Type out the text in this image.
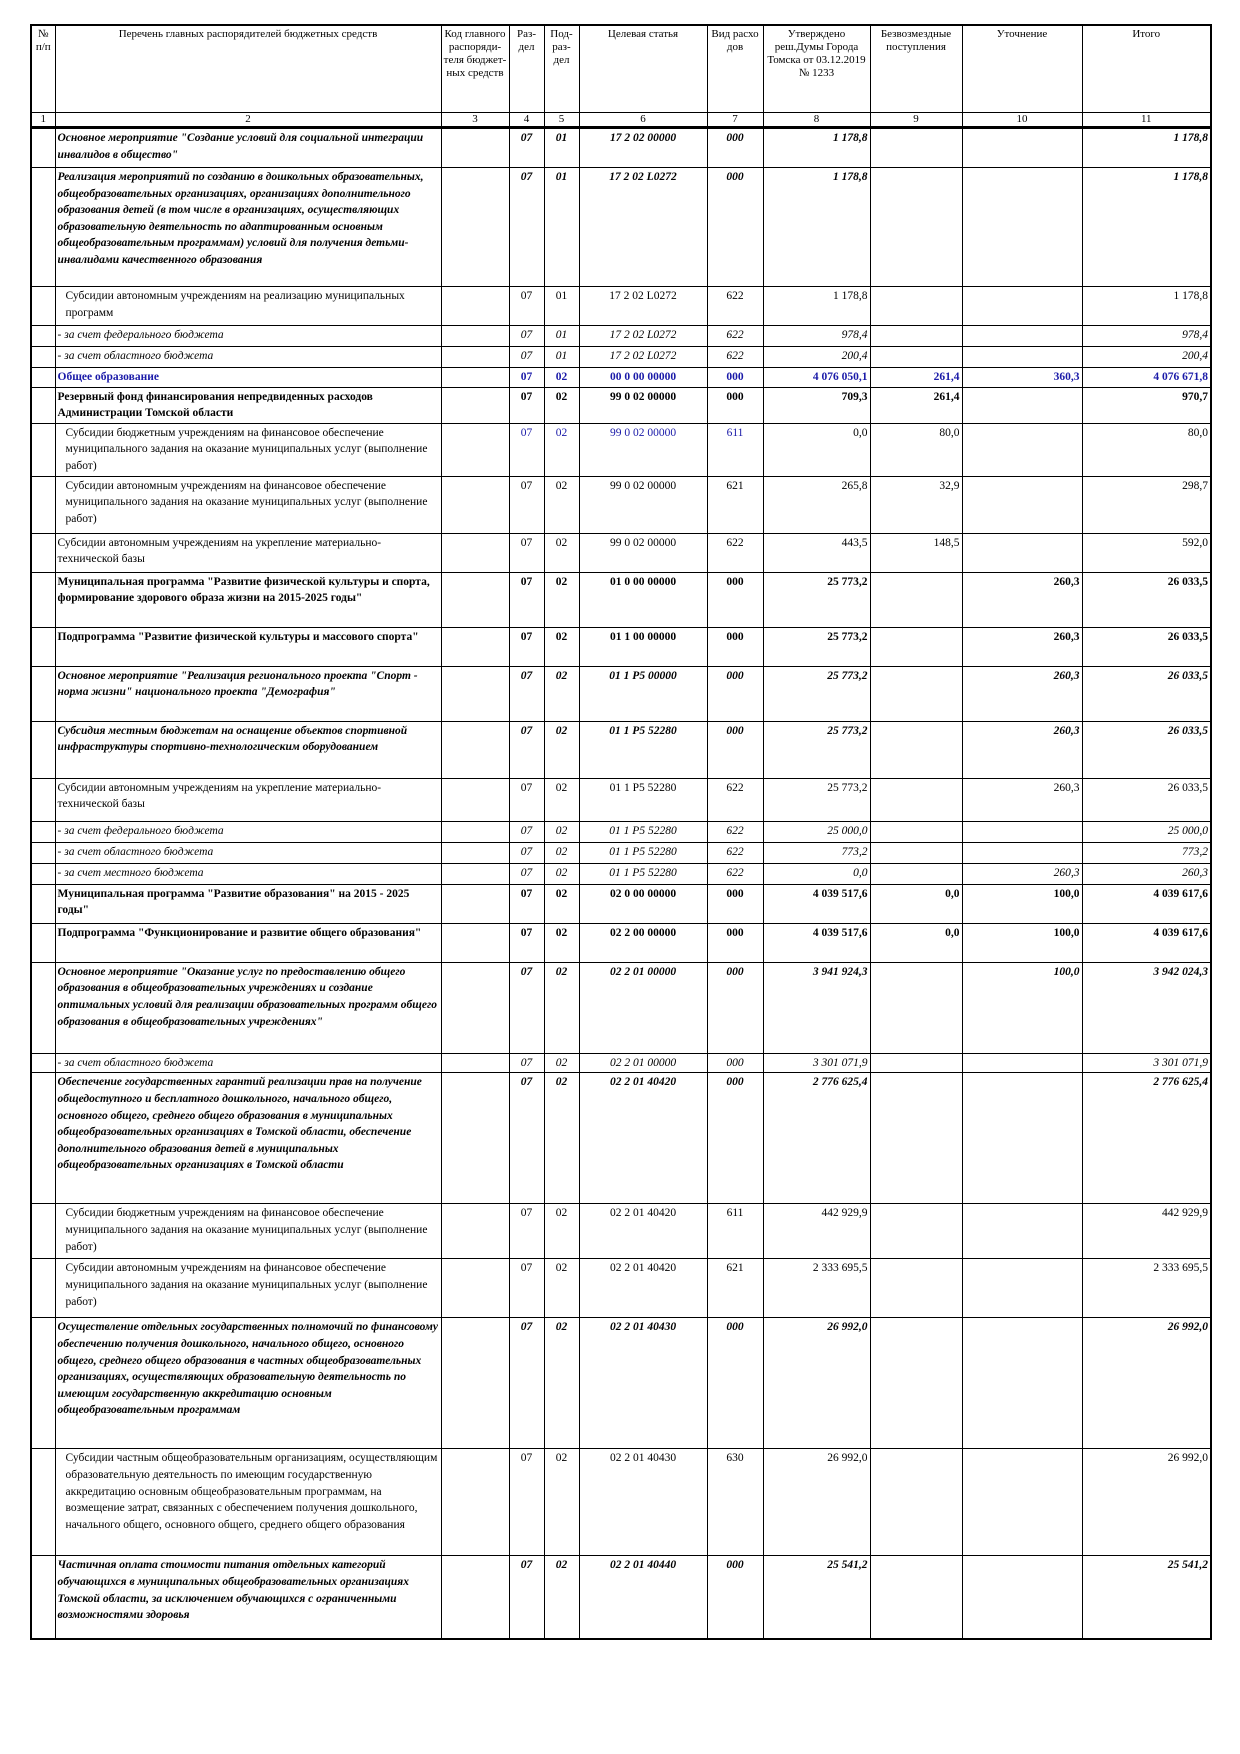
№ п/п	Перечень главных распорядителей бюджетных средств	Код главного распоряди- теля бюджет- ных средств	Раз- дел	Под- раз- дел	Целевая статья	Вид расхо дов	Утверждено реш.Думы Города Томска от 03.12.2019 № 1233	Безвозмездные поступления	Уточнение	Итого
1	2	3	4	5	6	7	8	9	10	11
	Основное мероприятие "Создание условий для социальной интеграции инвалидов в общество"		07	01	17 2 02 00000	000	1 178,8			1 178,8
	Реализация мероприятий по созданию в дошкольных образовательных, общеобразовательных организациях, организациях дополнительного образования детей (в том числе в организациях, осуществляющих образовательную деятельность по адаптированным основным общеобразовательным программам) условий для получения детьми-инвалидами качественного образования		07	01	17 2 02 L0272	000	1 178,8			1 178,8
	Субсидии автономным учреждениям на реализацию муниципальных программ		07	01	17 2 02 L0272	622	1 178,8			1 178,8
	- за счет федерального бюджета		07	01	17 2 02 L0272	622	978,4			978,4
	- за счет областного бюджета		07	01	17 2 02 L0272	622	200,4			200,4
	Общее образование		07	02	00 0 00 00000	000	4 076 050,1	261,4	360,3	4 076 671,8
	Резервный фонд финансирования непредвиденных расходов Администрации Томской области		07	02	99 0 02 00000	000	709,3	261,4		970,7
	Субсидии бюджетным учреждениям на финансовое обеспечение муниципального задания на оказание муниципальных услуг (выполнение работ)		07	02	99 0 02 00000	611	0,0	80,0		80,0
	Субсидии автономным учреждениям на финансовое обеспечение муниципального задания на оказание муниципальных услуг (выполнение работ)		07	02	99 0 02 00000	621	265,8	32,9		298,7
	Субсидии автономным учреждениям на укрепление материально-технической базы		07	02	99 0 02 00000	622	443,5	148,5		592,0
	Муниципальная программа "Развитие физической культуры и спорта, формирование здорового образа жизни на 2015-2025 годы"		07	02	01 0 00 00000	000	25 773,2		260,3	26 033,5
	Подпрограмма "Развитие физической культуры и массового спорта"		07	02	01 1 00 00000	000	25 773,2		260,3	26 033,5
	Основное мероприятие "Реализация регионального проекта "Спорт - норма жизни" национального проекта "Демография"		07	02	01 1 P5 00000	000	25 773,2		260,3	26 033,5
	Субсидия местным бюджетам на оснащение объектов спортивной инфраструктуры спортивно-технологическим оборудованием		07	02	01 1 P5 52280	000	25 773,2		260,3	26 033,5
	Субсидии автономным учреждениям на укрепление материально-технической базы		07	02	01 1 P5 52280	622	25 773,2		260,3	26 033,5
	- за счет федерального бюджета		07	02	01 1 P5 52280	622	25 000,0			25 000,0
	- за счет областного бюджета		07	02	01 1 P5 52280	622	773,2			773,2
	- за счет местного бюджета		07	02	01 1 P5 52280	622	0,0		260,3	260,3
	Муниципальная программа "Развитие образования" на 2015 - 2025 годы"		07	02	02 0 00 00000	000	4 039 517,6	0,0	100,0	4 039 617,6
	Подпрограмма "Функционирование и развитие общего образования"		07	02	02 2 00 00000	000	4 039 517,6	0,0	100,0	4 039 617,6
	Основное мероприятие "Оказание услуг по предоставлению общего образования в общеобразовательных учреждениях и создание оптимальных условий для реализации образовательных программ общего образования в общеобразовательных учреждениях"		07	02	02 2 01 00000	000	3 941 924,3		100,0	3 942 024,3
	- за счет областного бюджета		07	02	02 2 01 00000	000	3 301 071,9			3 301 071,9
	Обеспечение государственных гарантий реализации прав на получение общедоступного и бесплатного дошкольного, начального общего, основного общего, среднего общего образования в муниципальных общеобразовательных организациях в Томской области, обеспечение дополнительного образования детей в муниципальных общеобразовательных организациях в Томской области		07	02	02 2 01 40420	000	2 776 625,4			2 776 625,4
	Субсидии бюджетным учреждениям на финансовое обеспечение муниципального задания на оказание муниципальных услуг (выполнение работ)		07	02	02 2 01 40420	611	442 929,9			442 929,9
	Субсидии автономным учреждениям на финансовое обеспечение муниципального задания на оказание муниципальных услуг (выполнение работ)		07	02	02 2 01 40420	621	2 333 695,5			2 333 695,5
	Осуществление отдельных государственных полномочий по финансовому обеспечению получения дошкольного, начального общего, основного общего, среднего общего образования в частных общеобразовательных организациях, осуществляющих образовательную деятельность по имеющим государственную аккредитацию основным общеобразовательным программам		07	02	02 2 01 40430	000	26 992,0			26 992,0
	Субсидии частным общеобразовательным организациям, осуществляющим образовательную деятельность по имеющим государственную аккредитацию основным общеобразовательным программам, на возмещение затрат, связанных с обеспечением получения дошкольного, начального общего, основного общего, среднего общего образования		07	02	02 2 01 40430	630	26 992,0			26 992,0
	Частичная оплата стоимости питания отдельных категорий обучающихся в муниципальных общеобразовательных организациях Томской области, за исключением обучающихся с ограниченными возможностями здоровья		07	02	02 2 01 40440	000	25 541,2			25 541,2
